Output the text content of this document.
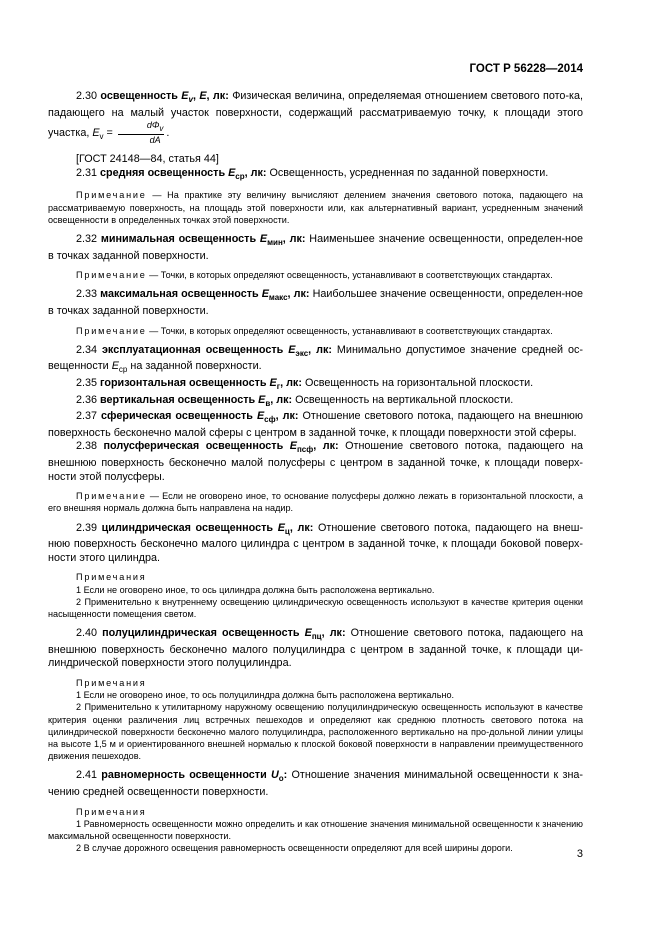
ГОСТ Р 56228—2014

2.30 освещенность $E_v$, E, лк: Физическая величина, определяемая отношением светового пото-ка, падающего на малый участок поверхности, содержащий рассматриваемую точку, к площади этого участка, $E_v = \frac{d\Phi_v}{dA}$ .

[ГОСТ 24148—84, статья 44]

2.31 средняя освещенность $E_{ср}$, лк: Освещенность, усредненная по заданной поверхности.

Примечание — На практике эту величину вычисляют делением значения светового потока, падающего на рассматриваемую поверхность, на площадь этой поверхности или, как альтернативный вариант, усредненным значений освещенности в определенных точках этой поверхности.

2.32 минимальная освещенность $E_{мин}$, лк: Наименьшее значение освещенности, определен-ное в точках заданной поверхности.

Примечание — Точки, в которых определяют освещенность, устанавливают в соответствующих стандартах.

2.33 максимальная освещенность $E_{макс}$, лк: Наибольшее значение освещенности, определен-ное в точках заданной поверхности.

Примечание — Точки, в которых определяют освещенность, устанавливают в соответствующих стандартах.

2.34 эксплуатационная освещенность $E_{экс}$, лк: Минимально допустимое значение средней ос-вещенности $E_{ср}$ на заданной поверхности.

2.35 горизонтальная освещенность $E_г$, лк: Освещенность на горизонтальной плоскости.

2.36 вертикальная освещенность $E_в$, лк: Освещенность на вертикальной плоскости.

2.37 сферическая освещенность $E_{сф}$, лк: Отношение светового потока, падающего на внешнюю поверхность бесконечно малой сферы с центром в заданной точке, к площади поверхности этой сферы.

2.38 полусферическая освещенность $E_{псф}$, лк: Отношение светового потока, падающего на внешнюю поверхность бесконечно малой полусферы с центром в заданной точке, к площади поверх-ности этой полусферы.

Примечание — Если не оговорено иное, то основание полусферы должно лежать в горизонтальной плоскости, а его внешняя нормаль должна быть направлена на надир.

2.39 цилиндрическая освещенность $E_ц$, лк: Отношение светового потока, падающего на внеш-нюю поверхность бесконечно малого цилиндра с центром в заданной точке, к площади боковой поверх-ности этого цилиндра.

Примечания

1 Если не оговорено иное, то ось цилиндра должна быть расположена вертикально.

2 Применительно к внутреннему освещению цилиндрическую освещенность используют в качестве критерия оценки насыщенности помещения светом.

2.40 полуцилиндрическая освещенность $E_{пц}$, лк: Отношение светового потока, падающего на внешнюю поверхность бесконечно малого полуцилиндра с центром в заданной точке, к площади ци-линдрической поверхности этого полуцилиндра.

Примечания

1 Если не оговорено иное, то ось полуцилиндра должна быть расположена вертикально.

2 Применительно к утилитарному наружному освещению полуцилиндрическую освещенность используют в качестве критерия оценки различения лиц встречных пешеходов и определяют как среднюю плотность светового потока на цилиндрической поверхности бесконечно малого полуцилиндра, расположенного вертикально на про-дольной линии улицы на высоте 1,5 м и ориентированного внешней нормалью к плоской боковой поверхности в направлении преимущественного движения пешеходов.

2.41 равномерность освещенности $U_o$: Отношение значения минимальной освещенности к зна-чению средней освещенности поверхности.

Примечания

1 Равномерность освещенности можно определить и как отношение значения минимальной освещенности к значению максимальной освещенности поверхности.

2 В случае дорожного освещения равномерность освещенности определяют для всей ширины дороги.	3
